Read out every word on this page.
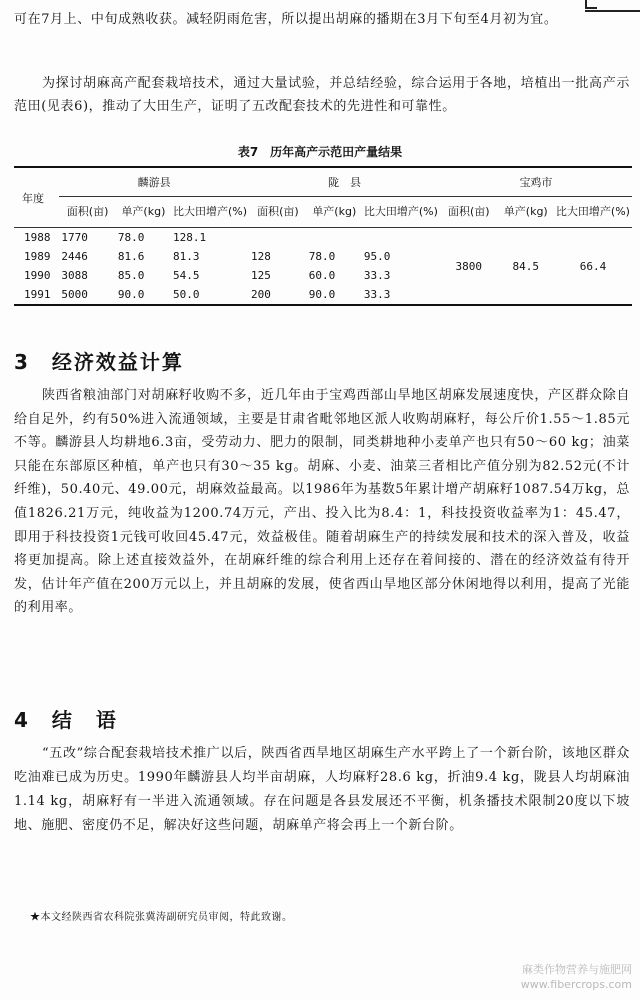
可在7月上、中旬成熟收获。减轻阴雨危害，所以提出胡麻的播期在3月下旬至4月初为宜。

为探讨胡麻高产配套栽培技术，通过大量试验，并总结经验，综合运用于各地，培植出一批高产示范田(见表6)，推动了大田生产，证明了五改配套技术的先进性和可靠性。

表7　历年高产示范田产量结果
年度	麟游县			陇　县			宝鸡市		
	面积(亩)	单产(kg)	比大田增产(%)	面积(亩)	单产(kg)	比大田增产(%)	面积(亩)	单产(kg)	比大田增产(%)
1988	1770	78.0	128.1				3800	84.5	66.4
1989	2446	81.6	81.3	128	78.0	95.0			
1990	3088	85.0	54.5	125	60.0	33.3			
1991	5000	90.0	50.0	200	90.0	33.3			
3 经济效益计算

陕西省粮油部门对胡麻籽收购不多，近几年由于宝鸡西部山旱地区胡麻发展速度快，产区群众除自给自足外，约有50%进入流通领域，主要是甘肃省毗邻地区派人收购胡麻籽，每公斤价1.55～1.85元不等。麟游县人均耕地6.3亩，受劳动力、肥力的限制，同类耕地种小麦单产也只有50～60 kg；油菜只能在东部原区种植，单产也只有30～35 kg。胡麻、小麦、油菜三者相比产值分别为82.52元(不计纤维)，50.40元、49.00元，胡麻效益最高。以1986年为基数5年累计增产胡麻籽1087.54万kg，总值1826.21万元，纯收益为1200.74万元，产出、投入比为8.4：1，科技投资收益率为1：45.47，即用于科技投资1元钱可收回45.47元，效益极佳。随着胡麻生产的持续发展和技术的深入普及，收益将更加提高。除上述直接效益外，在胡麻纤维的综合利用上还存在着间接的、潜在的经济效益有待开发，估计年产值在200万元以上，并且胡麻的发展，使省西山旱地区部分休闲地得以利用，提高了光能的利用率。

4 结　语

“五改”综合配套栽培技术推广以后，陕西省西旱地区胡麻生产水平跨上了一个新台阶，该地区群众吃油难已成为历史。1990年麟游县人均半亩胡麻，人均麻籽28.6 kg，折油9.4 kg，陇县人均胡麻油1.14 kg，胡麻籽有一半进入流通领域。存在问题是各县发展还不平衡，机条播技术限制20度以下坡地、施肥、密度仍不足，解决好这些问题，胡麻单产将会再上一个新台阶。

★本文经陕西省农科院张冀涛副研究员审阅，特此致谢。
麻类作物营养与施肥网
www.fibercrops.com
